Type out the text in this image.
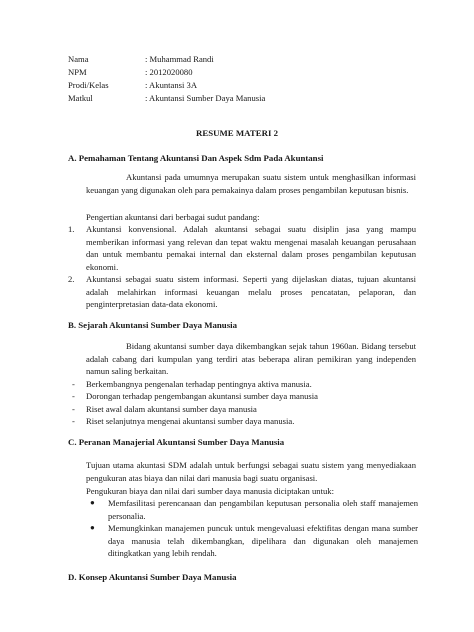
Nama	: Muhammad Randi
NPM	: 2012020080
Prodi/Kelas	: Akuntansi 3A
Matkul	: Akuntansi Sumber Daya Manusia
RESUME MATERI 2
A. Pemahaman Tentang Akuntansi Dan Aspek Sdm Pada Akuntansi
Akuntansi pada umumnya merupakan suatu sistem untuk menghasilkan informasi keuangan yang digunakan oleh para pemakainya dalam proses pengambilan keputusan bisnis.
Pengertian akuntansi dari berbagai sudut pandang:
1. Akuntansi konvensional. Adalah akuntansi sebagai suatu disiplin jasa yang mampu memberikan informasi yang relevan dan tepat waktu mengenai masalah keuangan perusahaan dan untuk membantu pemakai internal dan eksternal dalam proses pengambilan keputusan ekonomi.
2. Akuntansi sebagai suatu sistem informasi. Seperti yang dijelaskan diatas, tujuan akuntansi adalah melahirkan informasi keuangan melalu proses pencatatan, pelaporan, dan penginterpretasian data-data ekonomi.
B. Sejarah Akuntansi Sumber Daya Manusia
Bidang akuntansi sumber daya dikembangkan sejak tahun 1960an. Bidang tersebut adalah cabang dari kumpulan yang terdiri atas beberapa aliran pemikiran yang independen namun saling berkaitan.
- Berkembangnya pengenalan terhadap pentingnya aktiva manusia.
- Dorongan terhadap pengembangan akuntansi sumber daya manusia
- Riset awal dalam akuntansi sumber daya manusia
- Riset selanjutnya mengenai akuntansi sumber daya manusia.
C. Peranan Manajerial Akuntansi Sumber Daya Manusia
Tujuan utama akuntasi SDM adalah untuk berfungsi sebagai suatu sistem yang menyediakaan pengukuran atas biaya dan nilai dari manusia bagi suatu organisasi.
Pengukuran biaya dan nilai dari sumber daya manusia diciptakan untuk:
● Memfasilitasi perencanaan dan pengambilan keputusan personalia oleh staff manajemen personalia.
● Memungkinkan manajemen puncuk untuk mengevaluasi efektifitas dengan mana sumber daya manusia telah dikembangkan, dipelihara dan digunakan oleh manajemen ditingkatkan yang lebih rendah.
D. Konsep Akuntansi Sumber Daya Manusia
